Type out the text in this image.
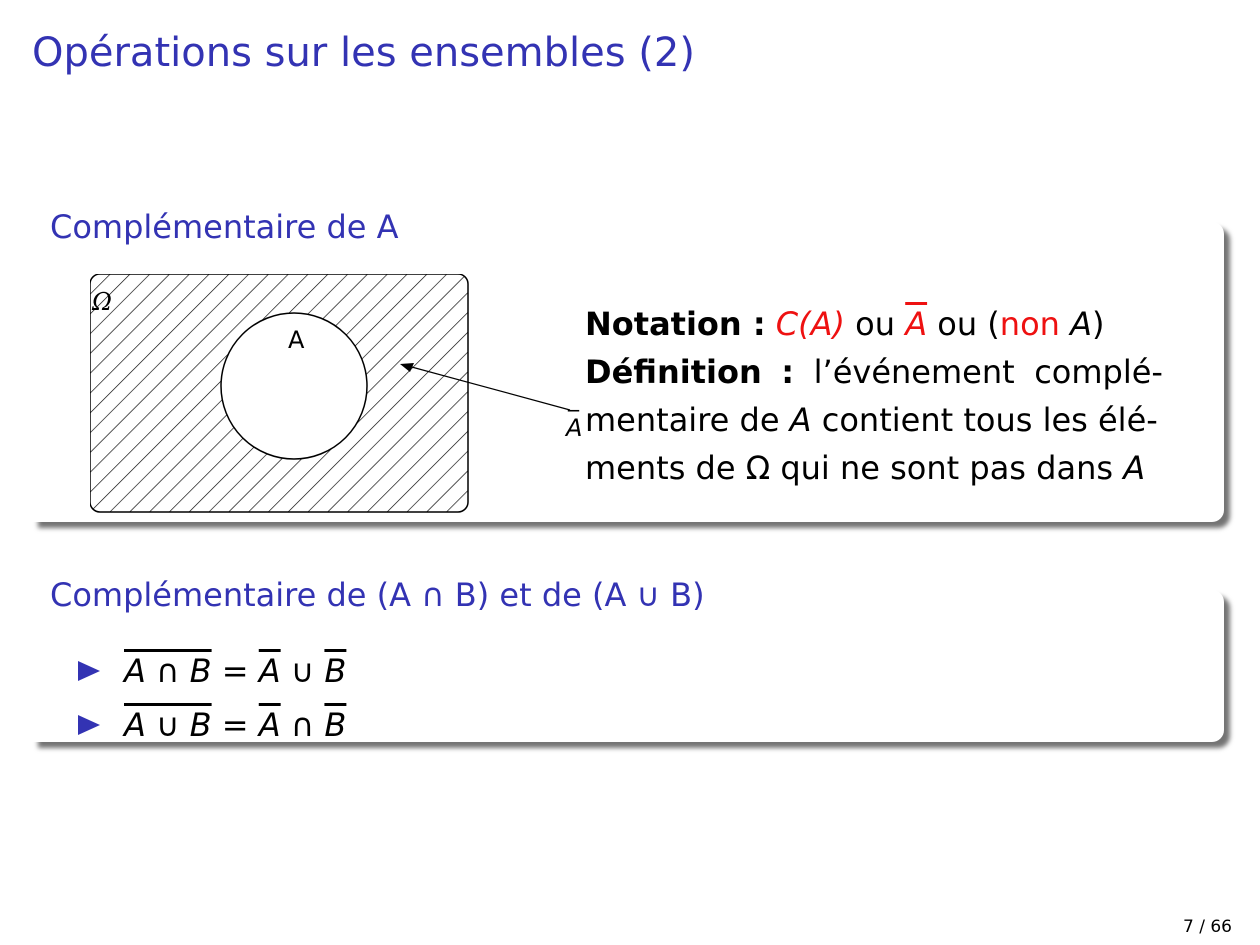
Opérations sur les ensembles (2)
Complémentaire de A
Ω
A
_
A
Notation :
C(A)
ou
$\overline{A}$
ou ( non
A )
Définition : l’événement complé-
mentaire de
A
contient tous les élé-
ments de Ω qui ne sont pas dans
A
Complémentaire de (A ∩ B) et de (A ∪ B)
A ∩ B
=
$\overline{A}$
∪
$\overline{B}$
A ∪ B
=
$\overline{A}$
∩
$\overline{B}$
7 / 66
